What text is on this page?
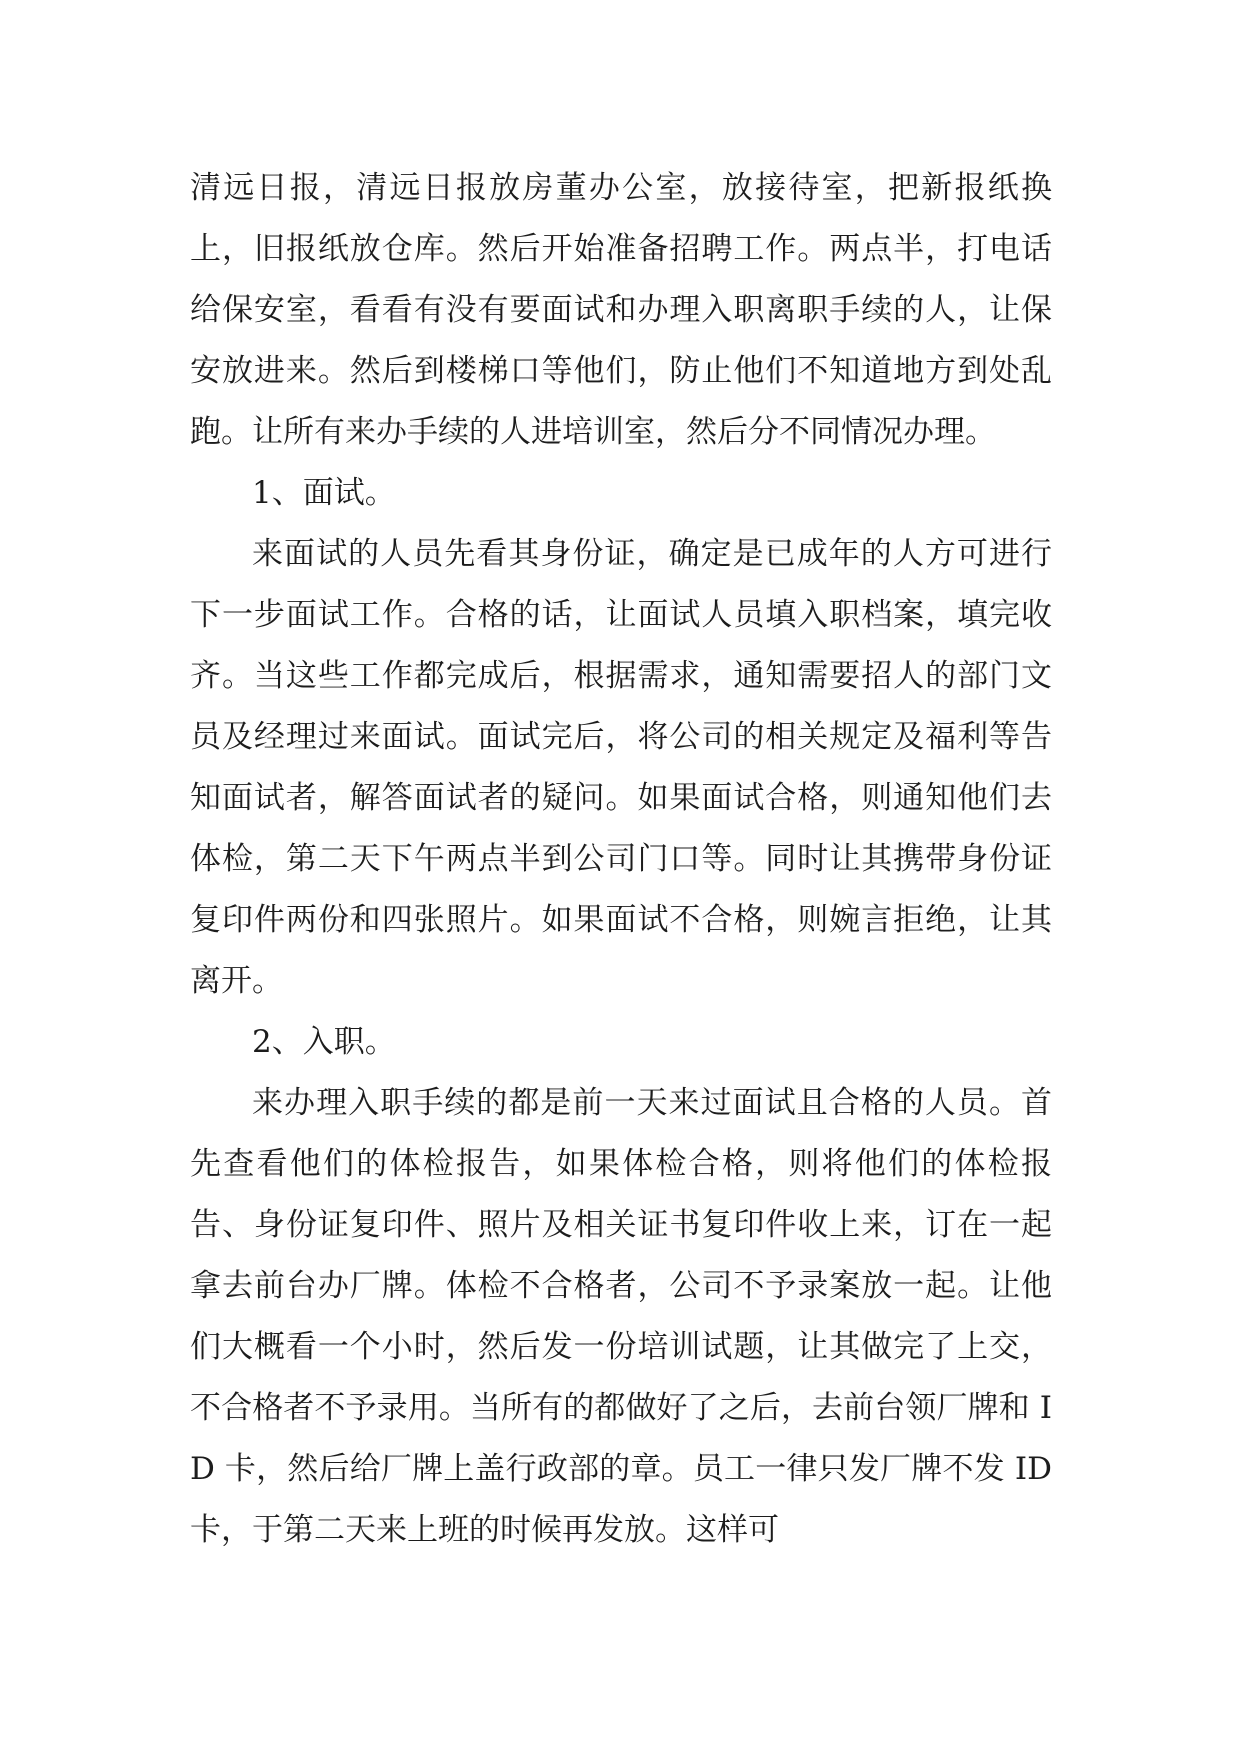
清远日报，清远日报放房董办公室，放接待室，把新报纸换上，旧报纸放仓库。然后开始准备招聘工作。两点半，打电话给保安室，看看有没有要面试和办理入职离职手续的人，让保安放进来。然后到楼梯口等他们，防止他们不知道地方到处乱跑。让所有来办手续的人进培训室，然后分不同情况办理。

1、面试。

来面试的人员先看其身份证，确定是已成年的人方可进行下一步面试工作。合格的话，让面试人员填入职档案，填完收齐。当这些工作都完成后，根据需求，通知需要招人的部门文员及经理过来面试。面试完后，将公司的相关规定及福利等告知面试者，解答面试者的疑问。如果面试合格，则通知他们去体检，第二天下午两点半到公司门口等。同时让其携带身份证复印件两份和四张照片。如果面试不合格，则婉言拒绝，让其离开。

2、入职。

来办理入职手续的都是前一天来过面试且合格的人员。首先查看他们的体检报告，如果体检合格，则将他们的体检报告、身份证复印件、照片及相关证书复印件收上来，订在一起拿去前台办厂牌。体检不合格者，公司不予录案放一起。让他们大概看一个小时，然后发一份培训试题，让其做完了上交，不合格者不予录用。当所有的都做好了之后，去前台领厂牌和 ID 卡，然后给厂牌上盖行政部的章。员工一律只发厂牌不发 ID 卡，于第二天来上班的时候再发放。这样可
